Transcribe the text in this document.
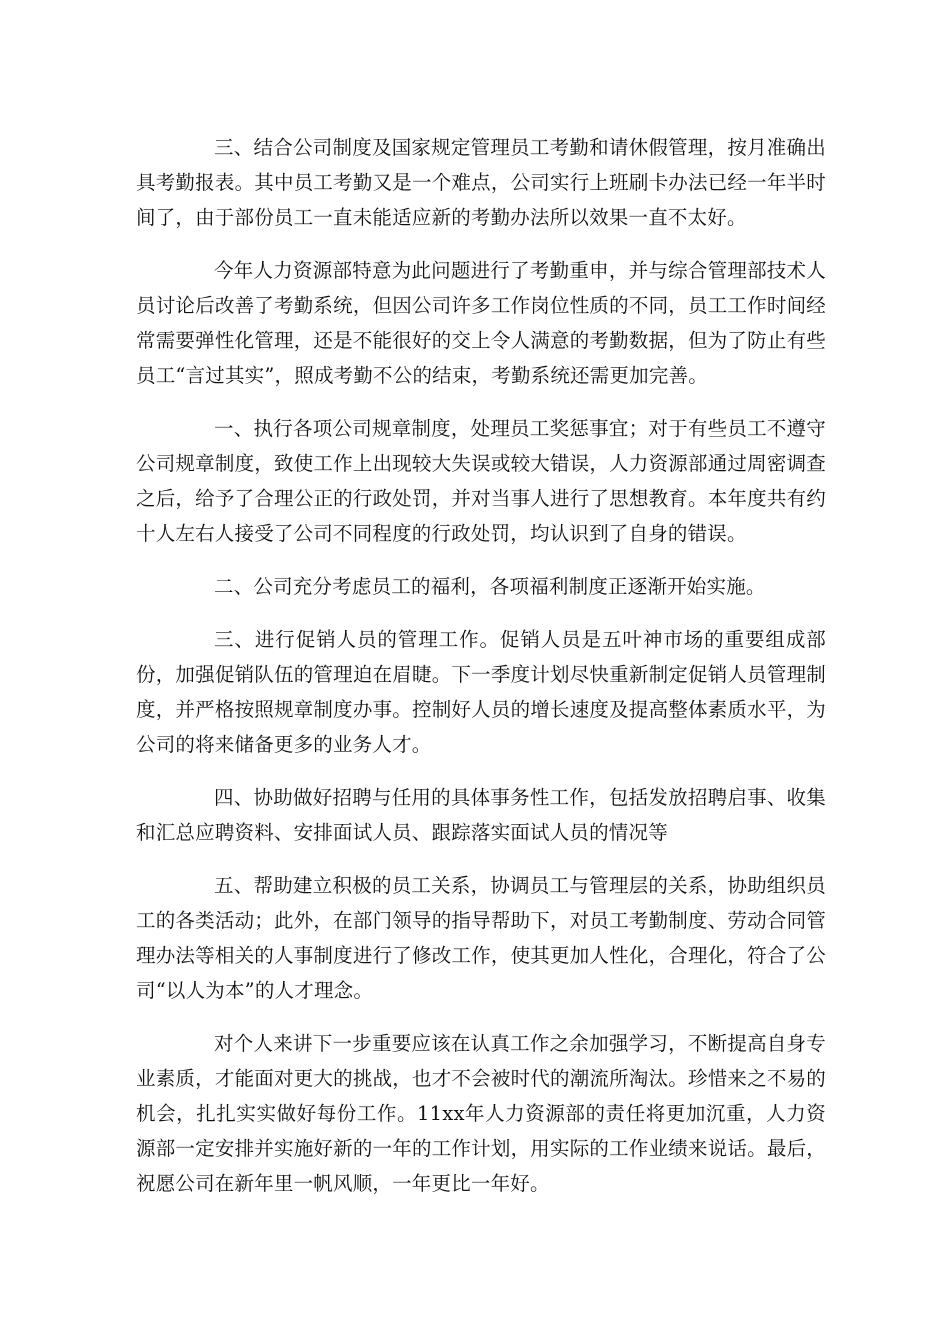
三、结合公司制度及国家规定管理员工考勤和请休假管理，按月准确出具考勤报表。其中员工考勤又是一个难点，公司实行上班刷卡办法已经一年半时间了，由于部份员工一直未能适应新的考勤办法所以效果一直不太好。

今年人力资源部特意为此问题进行了考勤重申，并与综合管理部技术人员讨论后改善了考勤系统，但因公司许多工作岗位性质的不同，员工工作时间经常需要弹性化管理，还是不能很好的交上令人满意的考勤数据，但为了防止有些员工“言过其实”，照成考勤不公的结束，考勤系统还需更加完善。

一、执行各项公司规章制度，处理员工奖惩事宜；对于有些员工不遵守公司规章制度，致使工作上出现较大失误或较大错误，人力资源部通过周密调查之后，给予了合理公正的行政处罚，并对当事人进行了思想教育。本年度共有约十人左右人接受了公司不同程度的行政处罚，均认识到了自身的错误。

二、公司充分考虑员工的福利，各项福利制度正逐渐开始实施。

三、进行促销人员的管理工作。促销人员是五叶神市场的重要组成部份，加强促销队伍的管理迫在眉睫。下一季度计划尽快重新制定促销人员管理制度，并严格按照规章制度办事。控制好人员的增长速度及提高整体素质水平，为公司的将来储备更多的业务人才。

四、协助做好招聘与任用的具体事务性工作，包括发放招聘启事、收集和汇总应聘资料、安排面试人员、跟踪落实面试人员的情况等

五、帮助建立积极的员工关系，协调员工与管理层的关系，协助组织员工的各类活动；此外，在部门领导的指导帮助下，对员工考勤制度、劳动合同管理办法等相关的人事制度进行了修改工作，使其更加人性化，合理化，符合了公司“以人为本”的人才理念。

对个人来讲下一步重要应该在认真工作之余加强学习，不断提高自身专业素质，才能面对更大的挑战，也才不会被时代的潮流所淘汰。珍惜来之不易的机会，扎扎实实做好每份工作。11xx年人力资源部的责任将更加沉重，人力资源部一定安排并实施好新的一年的工作计划，用实际的工作业绩来说话。最后，祝愿公司在新年里一帆风顺，一年更比一年好。
